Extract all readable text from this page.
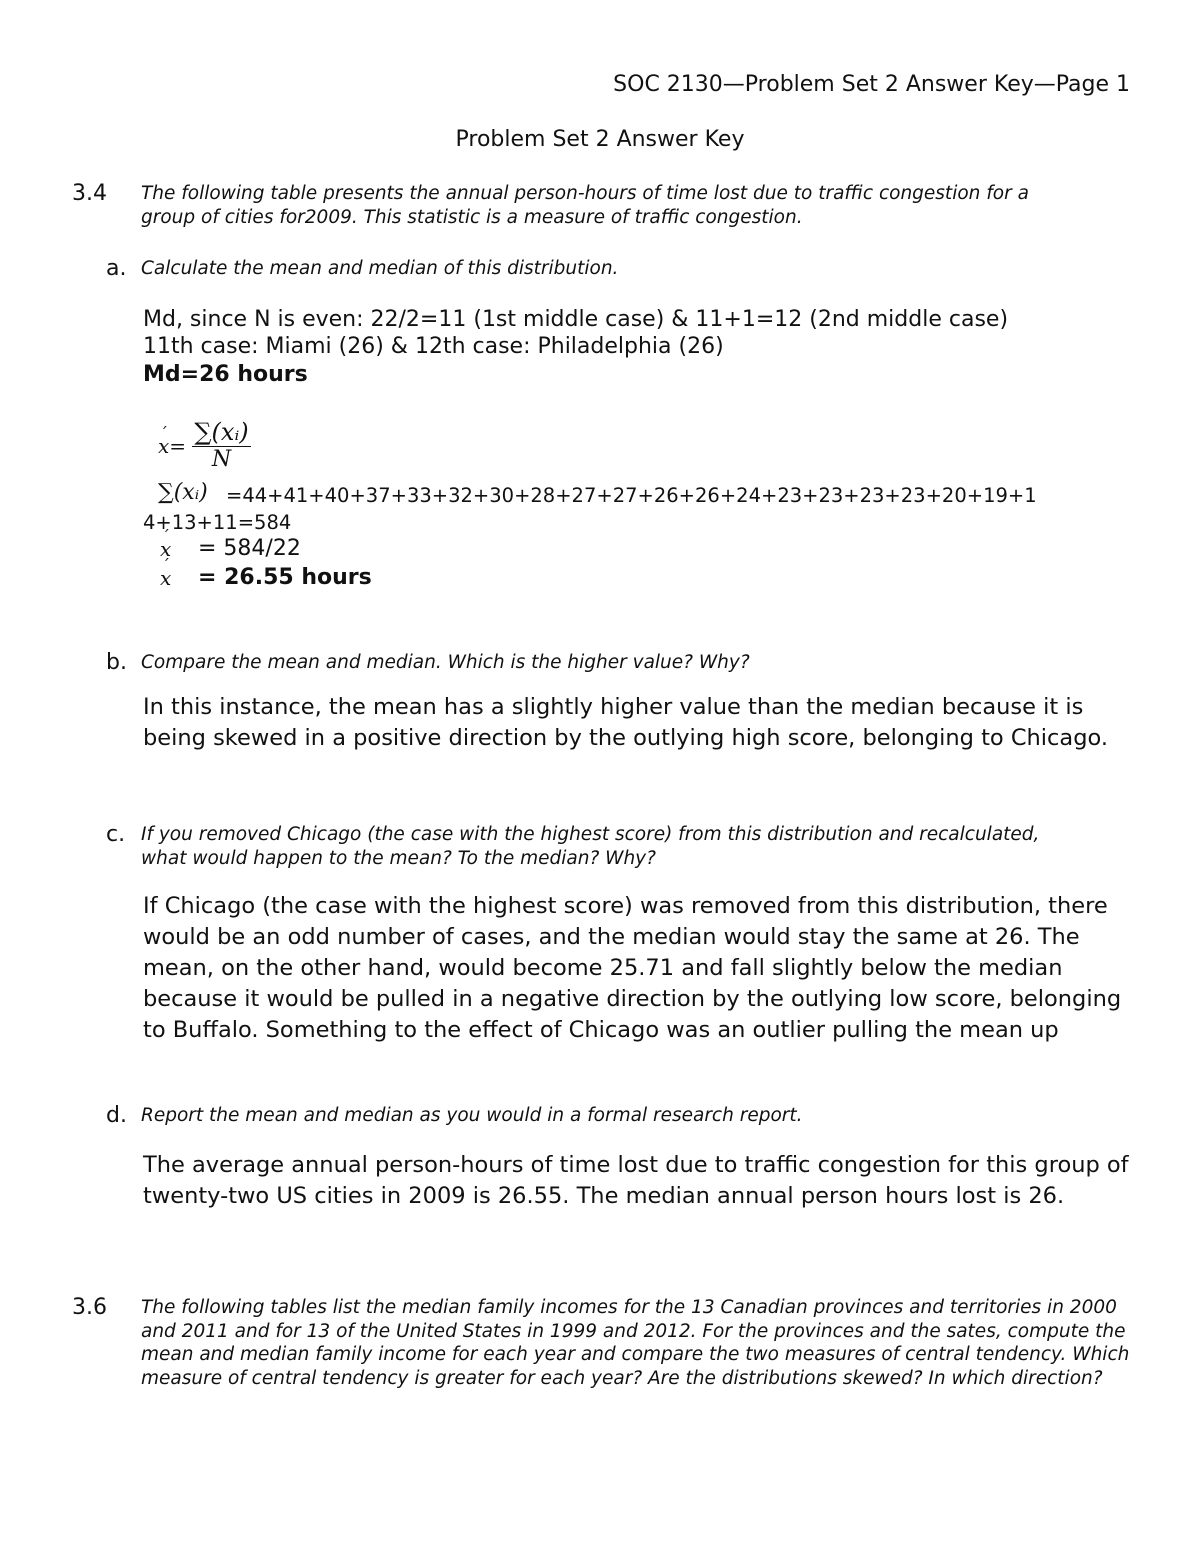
SOC 2130—Problem Set 2 Answer Key—Page 1
Problem Set 2 Answer Key
3.4 The following table presents the annual person-hours of time lost due to traffic congestion for a
group of cities for2009. This statistic is a measure of traffic congestion.
a. Calculate the mean and median of this distribution.
Md, since N is even: 22/2=11 (1st middle case) & 11+1=12 (2nd middle case)
11th case: Miami (26) & 12th case: Philadelphia (26)
Md=26 hours
´ $x= \frac{\text{∑(xᵢ)}}{N}$
∑(xᵢ) =44+41+40+37+33+32+30+28+27+27+26+26+24+23+23+23+23+20+19+1
4+13+11=584
´ x = 584/22
´ x = 26.55 hours
b. Compare the mean and median. Which is the higher value? Why?
In this instance, the mean has a slightly higher value than the median because it is being skewed in a positive direction by the outlying high score, belonging to Chicago.
c. If you removed Chicago (the case with the highest score) from this distribution and recalculated,
what would happen to the mean? To the median? Why?
If Chicago (the case with the highest score) was removed from this distribution, there would be an odd number of cases, and the median would stay the same at 26. The mean, on the other hand, would become 25.71 and fall slightly below the median because it would be pulled in a negative direction by the outlying low score, belonging to Buffalo. Something to the effect of Chicago was an outlier pulling the mean up
d. Report the mean and median as you would in a formal research report.
The average annual person-hours of time lost due to traffic congestion for this group of twenty-two US cities in 2009 is 26.55. The median annual person hours lost is 26.
3.6 The following tables list the median family incomes for the 13 Canadian provinces and territories in 2000 and 2011 and for 13 of the United States in 1999 and 2012. For the provinces and the sates, compute the mean and median family income for each year and compare the two measures of central tendency. Which measure of central tendency is greater for each year? Are the distributions skewed? In which direction?
